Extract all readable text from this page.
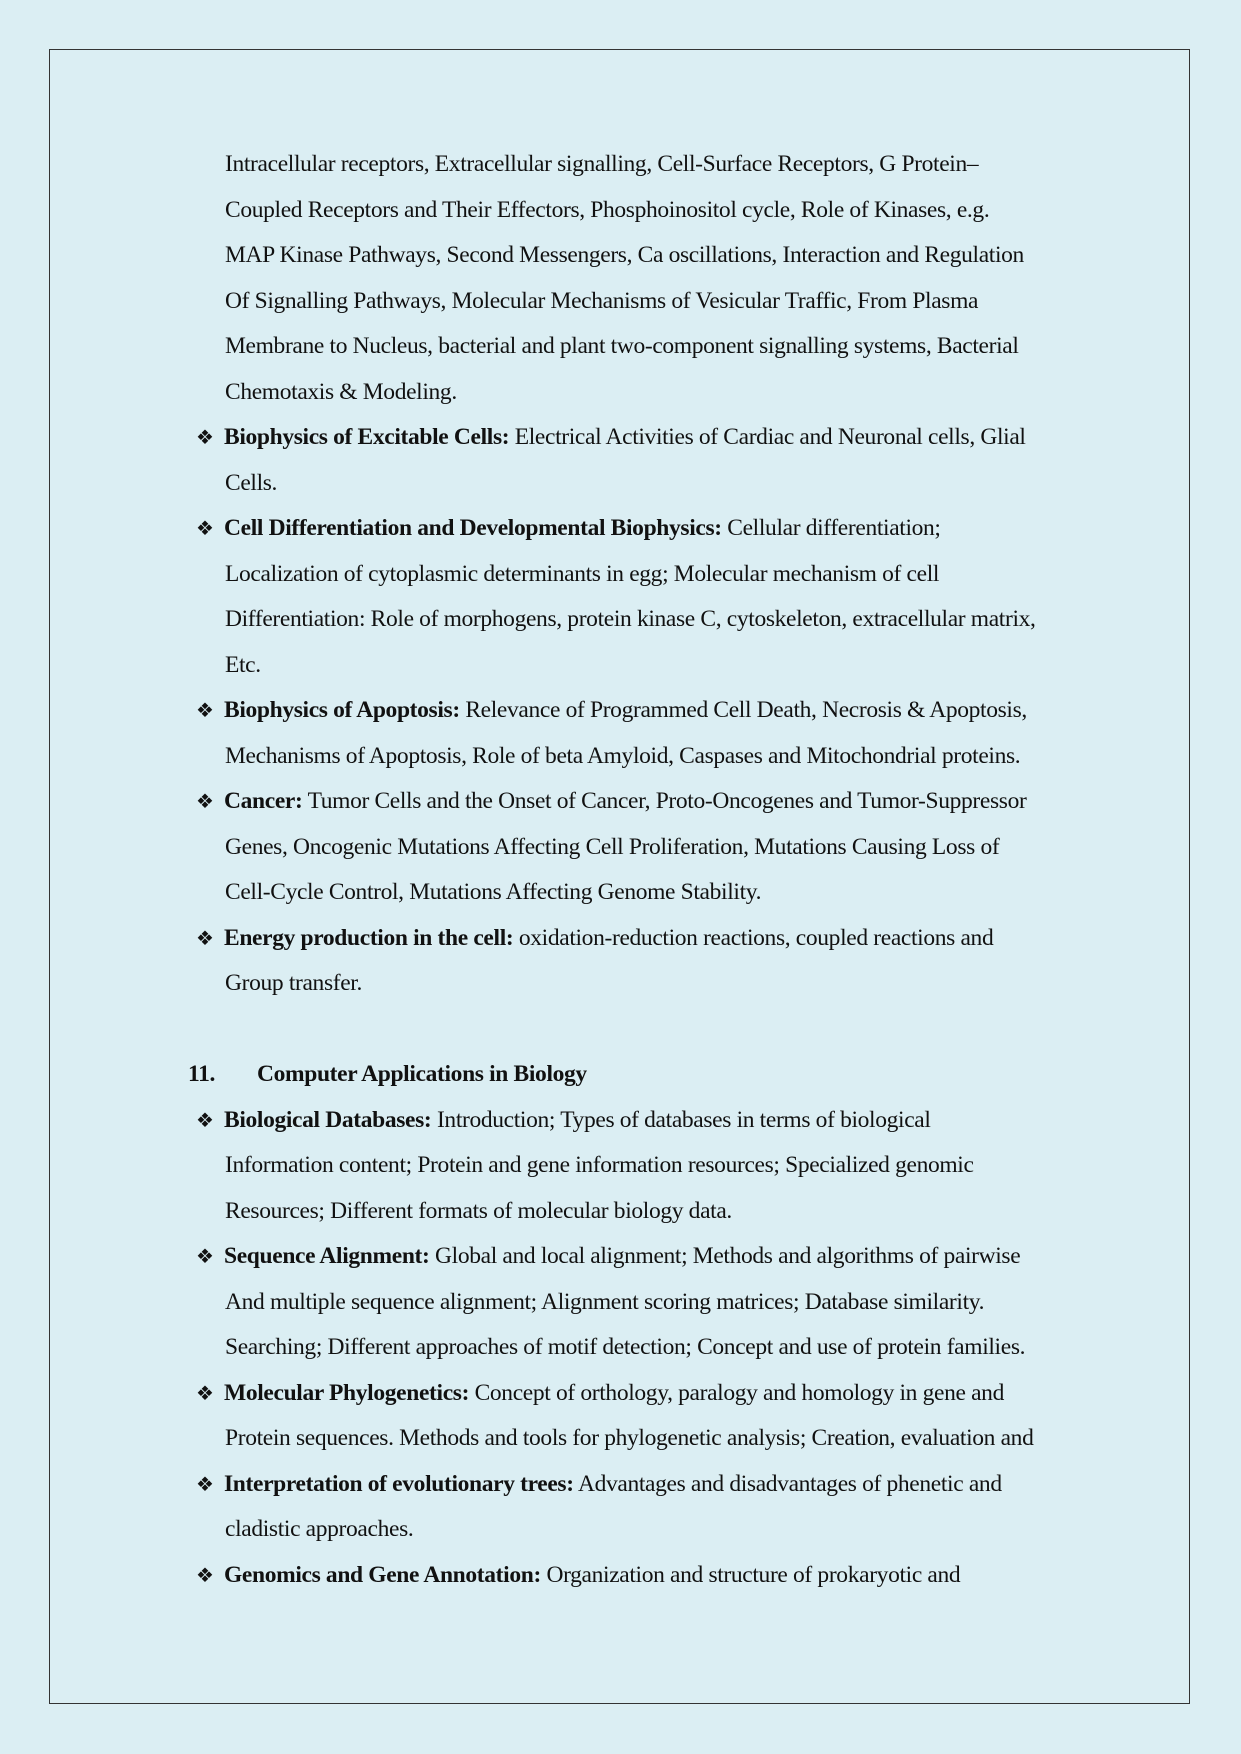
Intracellular receptors, Extracellular signalling, Cell-Surface Receptors, G Protein–
Coupled Receptors and Their Effectors, Phosphoinositol cycle, Role of Kinases, e.g.
MAP Kinase Pathways, Second Messengers, Ca oscillations, Interaction and Regulation
Of Signalling Pathways, Molecular Mechanisms of Vesicular Traffic, From Plasma
Membrane to Nucleus, bacterial and plant two-component signalling systems, Bacterial
Chemotaxis & Modeling.
❖ Biophysics of Excitable Cells: Electrical Activities of Cardiac and Neuronal cells, Glial
Cells.
❖ Cell Differentiation and Developmental Biophysics: Cellular differentiation;
Localization of cytoplasmic determinants in egg; Molecular mechanism of cell
Differentiation: Role of morphogens, protein kinase C, cytoskeleton, extracellular matrix,
Etc.
❖ Biophysics of Apoptosis: Relevance of Programmed Cell Death, Necrosis & Apoptosis,
Mechanisms of Apoptosis, Role of beta Amyloid, Caspases and Mitochondrial proteins.
❖ Cancer: Tumor Cells and the Onset of Cancer, Proto-Oncogenes and Tumor-Suppressor
Genes, Oncogenic Mutations Affecting Cell Proliferation, Mutations Causing Loss of
Cell-Cycle Control, Mutations Affecting Genome Stability.
❖ Energy production in the cell: oxidation-reduction reactions, coupled reactions and
Group transfer.
11. Computer Applications in Biology
❖ Biological Databases: Introduction; Types of databases in terms of biological
Information content; Protein and gene information resources; Specialized genomic
Resources; Different formats of molecular biology data.
❖ Sequence Alignment: Global and local alignment; Methods and algorithms of pairwise
And multiple sequence alignment; Alignment scoring matrices; Database similarity.
Searching; Different approaches of motif detection; Concept and use of protein families.
❖ Molecular Phylogenetics: Concept of orthology, paralogy and homology in gene and
Protein sequences. Methods and tools for phylogenetic analysis; Creation, evaluation and
❖ Interpretation of evolutionary trees: Advantages and disadvantages of phenetic and
cladistic approaches.
❖ Genomics and Gene Annotation: Organization and structure of prokaryotic and
